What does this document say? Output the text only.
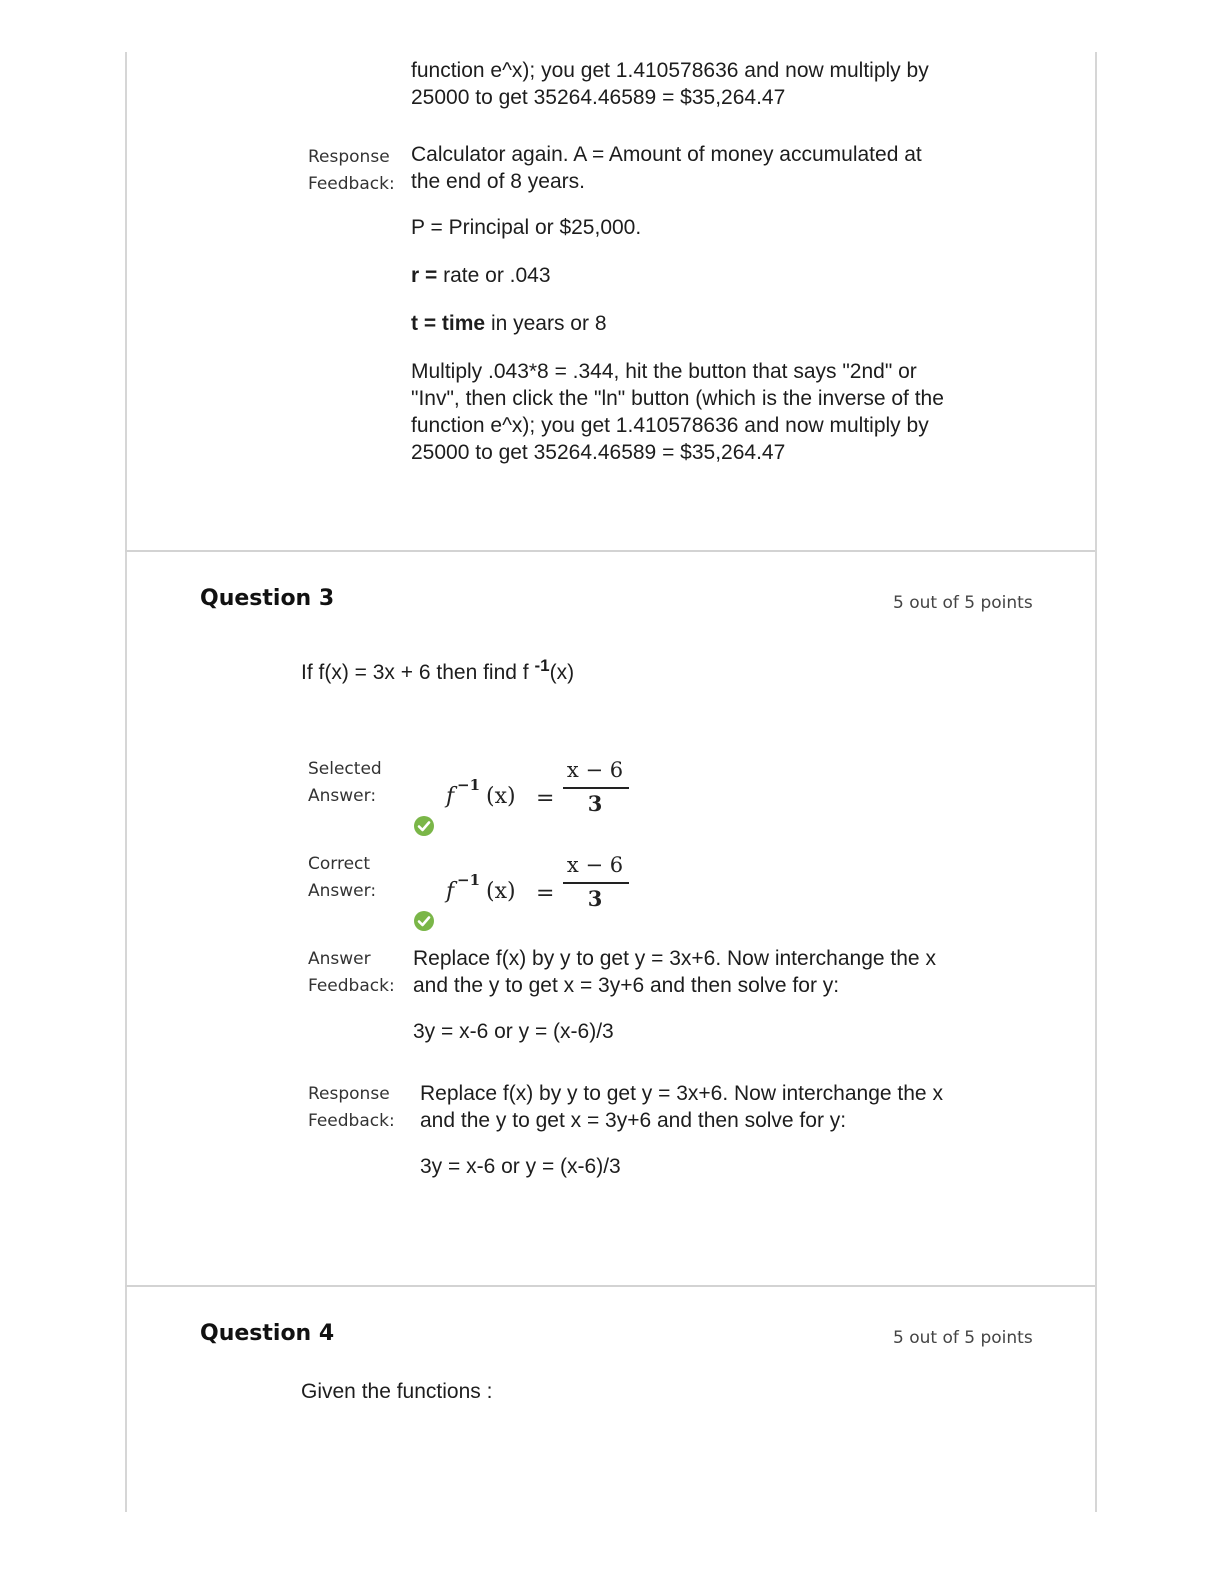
function e^x); you get 1.410578636 and now multiply by
25000 to get 35264.46589 = $35,264.47
Response
Feedback:
Calculator again. A = Amount of money accumulated at
the end of 8 years.
P = Principal or $25,000.
r = rate or .043
t = time in years or 8
Multiply .043*8 = .344, hit the button that says "2nd" or
"Inv", then click the "ln" button (which is the inverse of the
function e^x); you get 1.410578636 and now multiply by
25000 to get 35264.46589 = $35,264.47
Question 3	5 out of 5 points
If f(x) = 3x + 6 then find f $^{-1}$(x)
Selected
Answer:	f −1 (x) =
x − 6
3
Correct
Answer:	f −1 (x) =
x − 6
3
Answer
Feedback:
Replace f(x) by y to get y = 3x+6. Now interchange the x
and the y to get x = 3y+6 and then solve for y:
3y = x-6 or y = (x-6)/3
Response
Feedback:
Replace f(x) by y to get y = 3x+6. Now interchange the x
and the y to get x = 3y+6 and then solve for y:
3y = x-6 or y = (x-6)/3
Question 4	5 out of 5 points
Given the functions :
